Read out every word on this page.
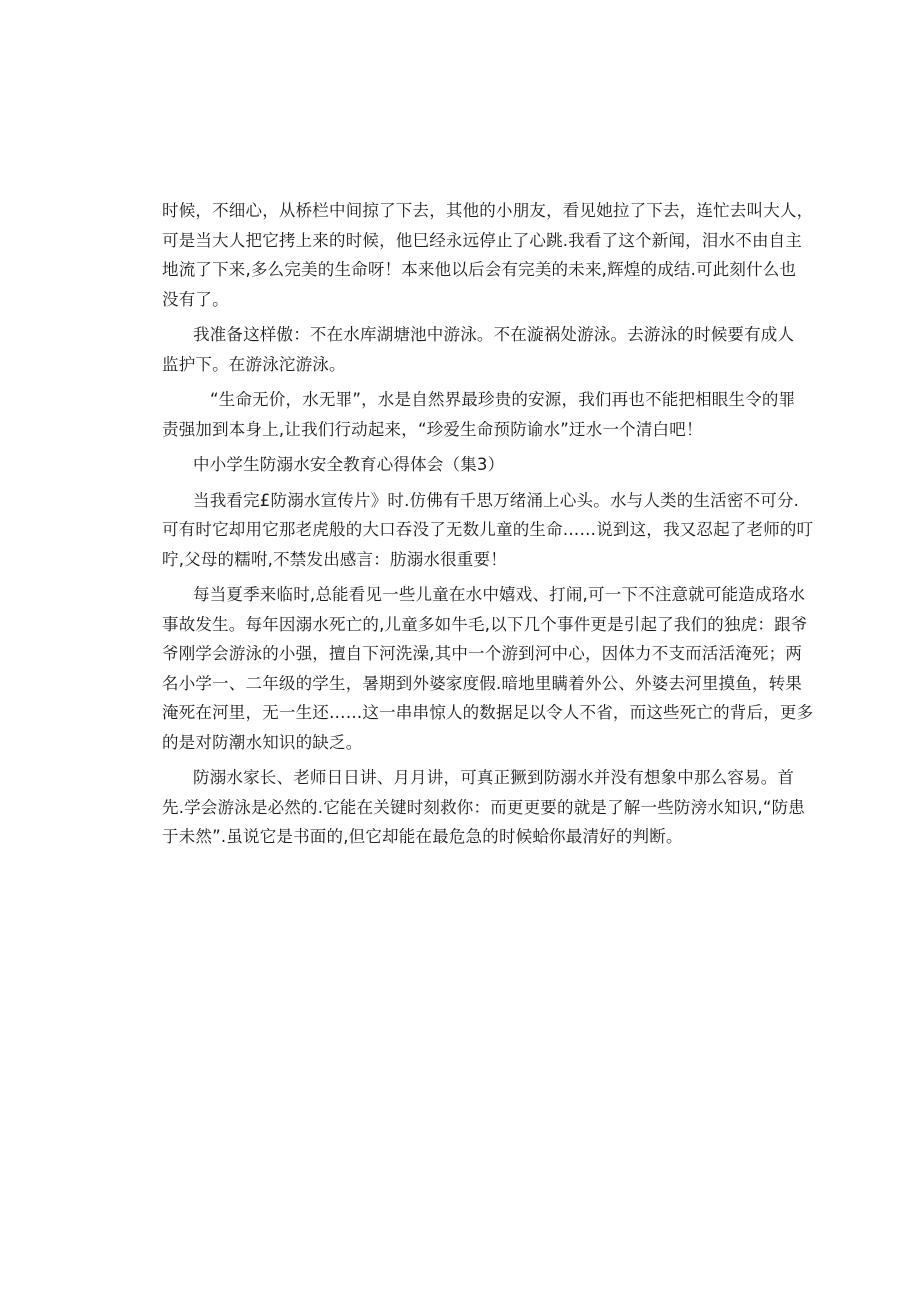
时候，不细心，从桥栏中间掠了下去，其他的小朋友，看见她拉了下去，连忙去叫大人，
可是当大人把它拷上来的时候，他巳经永远停止了心跳.我看了这个新闻，泪水不由自主
地流了下来,多么完美的生命呀！本来他以后会有完美的未来,辉煌的成结.可此刻什么也
没有了。
我准备这样傲：不在水库湖塘池中游泳。不在漩祸处游泳。去游泳的时候要有成人
监护下。在游泳沱游泳。
“生命无价，水无罪”，水是自然界最珍贵的安源，我们再也不能把相眼生令的罪
责强加到本身上,让我们行动起来，“珍爱生命预防谕水”迂水一个清白吧！
中小学生防溺水安全教育心得体会（集3）
当我看完£防溺水宣传片》时.仿佛有千思万绪涌上心头。水与人类的生活密不可分.
可有时它却用它那老虎般的大口吞没了无数儿童的生命……说到这，我又忍起了老师的叮
咛,父母的糯咐,不禁发出感言：肪溺水很重要！
每当夏季来临时,总能看见一些儿童在水中嬉戏、打闹,可一下不注意就可能造成珞水
事故发生。每年因溺水死亡的,儿童多如牛毛,以下几个事件更是引起了我们的独虎：跟爷
爷刚学会游泳的小强，擅自下河洗澡,其中一个游到河中心，因体力不支而活活淹死；两
名小学一、二年级的学生，暑期到外婆家度假.暗地里瞒着外公、外婆去河里摸鱼，转果
淹死在河里，无一生还……这一串串惊人的数据足以令人不省，而这些死亡的背后，更多
的是对防潮水知识的缺乏。
防溺水家长、老师日日讲、月月讲，可真正獗到防溺水并没有想象中那么容易。首
先.学会游泳是必然的.它能在关键时刻救你：而更更要的就是了解一些防滂水知识,“防患
于未然”.虽说它是书面的,但它却能在最危急的时候蛤你最清好的判断。
